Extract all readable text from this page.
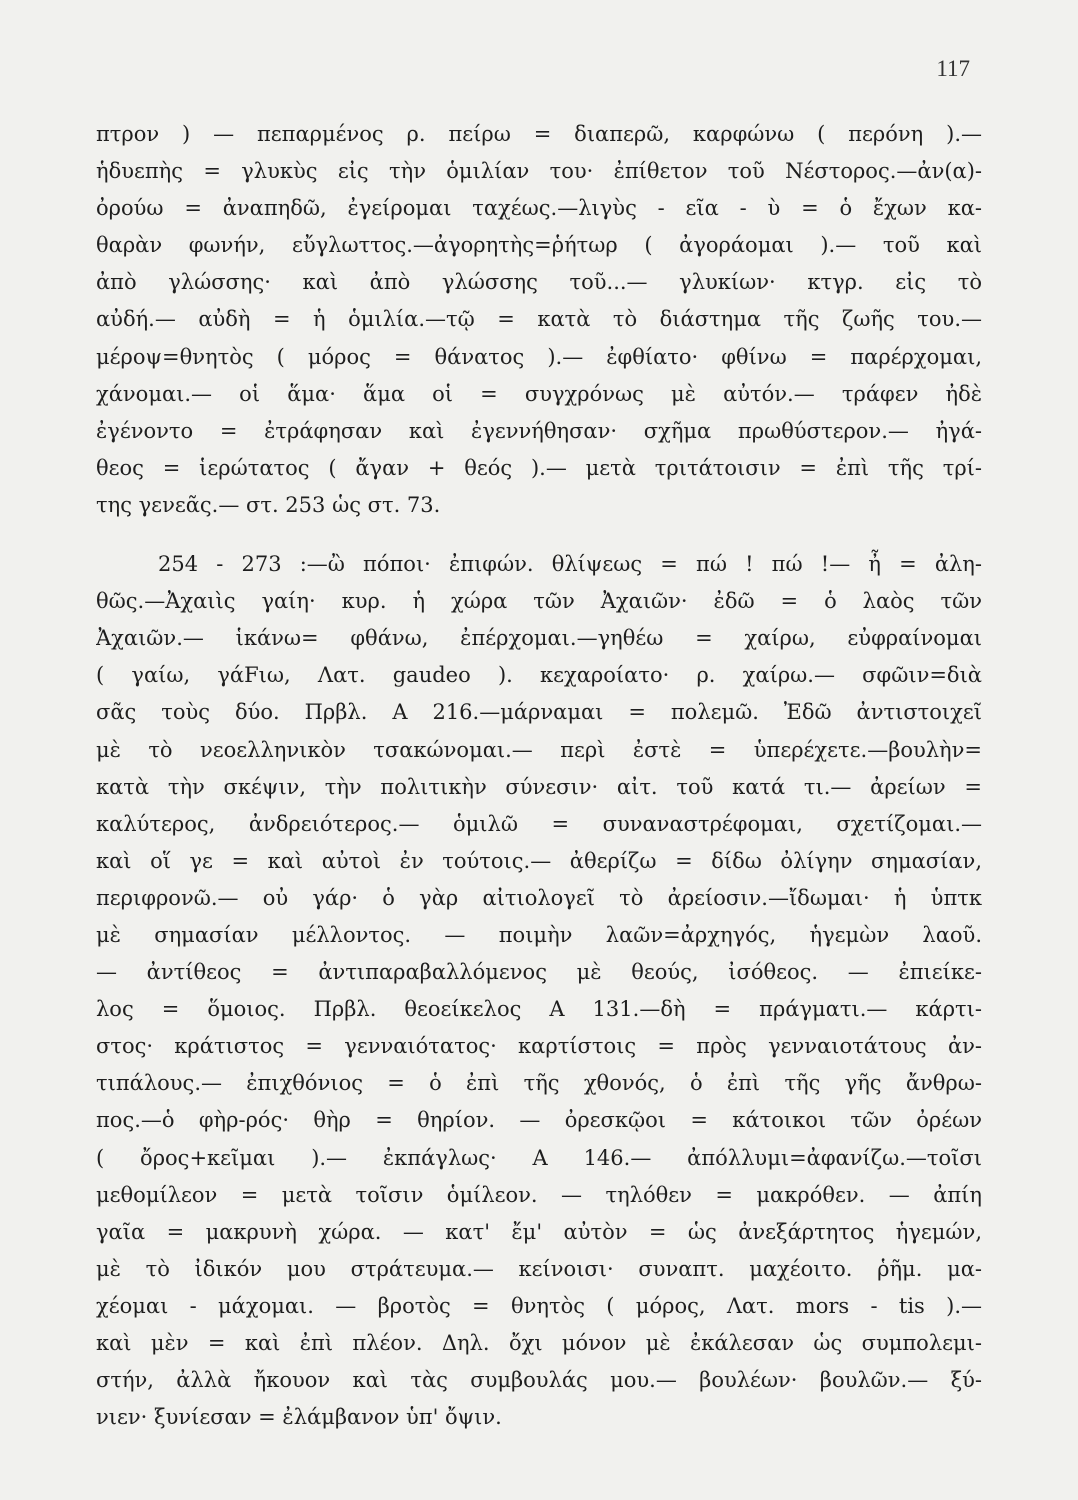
117
πτρον ) — πεπαρμένος ρ. πείρω = διαπερῶ, καρφώνω ( περόνη ).—
ἡδυεπὴς = γλυκὺς εἰς τὴν ὁμιλίαν του· ἐπίθετον τοῦ Νέστορος.—ἀν(α)-
ὀρούω = ἀναπηδῶ, ἐγείρομαι ταχέως.—λιγὺς - εῖα - ὺ = ὁ ἔχων κα-
θαρὰν φωνήν, εὔγλωττος.—ἀγορητὴς=ῥήτωρ ( ἀγοράομαι ).— τοῦ καὶ
ἀπὸ γλώσσης· καὶ ἀπὸ γλώσσης τοῦ...— γλυκίων· κτγρ. εἰς τὸ
αὐδή.— αὐδὴ = ἡ ὁμιλία.—τῷ = κατὰ τὸ διάστημα τῆς ζωῆς του.—
μέροψ=θνητὸς ( μόρος = θάνατος ).— ἐφθίατο· φθίνω = παρέρχομαι,
χάνομαι.— οἱ ἅμα· ἅμα οἱ = συγχρόνως μὲ αὐτόν.— τράφεν ἠδὲ
ἐγένοντο = ἐτράφησαν καὶ ἐγεννήθησαν· σχῆμα πρωθύστερον.— ἠγά-
θεος = ἱερώτατος ( ἄγαν + θεός ).— μετὰ τριτάτοισιν = ἐπὶ τῆς τρί-
της γενεᾶς.— στ. 253 ὡς στ. 73.
254 - 273 :—ὢ πόποι· ἐπιφών. θλίψεως = πώ ! πώ !— ἦ = ἀλη-
θῶς.—Ἀχαιὶς γαίη· κυρ. ἡ χώρα τῶν Ἀχαιῶν· ἐδῶ = ὁ λαὸς τῶν
Ἀχαιῶν.— ἱκάνω= φθάνω, ἐπέρχομαι.—γηθέω = χαίρω, εὐφραίνομαι
( γαίω, γάFιω, Λατ. gaudeo ). κεχαροίατο· ρ. χαίρω.— σφῶιν=διὰ
σᾶς τοὺς δύο. Πρβλ. Α 216.—μάρναμαι = πολεμῶ. Ἐδῶ ἀντιστοιχεῖ
μὲ τὸ νεοελληνικὸν τσακώνομαι.— περὶ ἐστὲ = ὑπερέχετε.—βουλὴν=
κατὰ τὴν σκέψιν, τὴν πολιτικὴν σύνεσιν· αἰτ. τοῦ κατά τι.— ἀρείων =
καλύτερος, ἀνδρειότερος.— ὁμιλῶ = συναναστρέφομαι, σχετίζομαι.—
καὶ οἵ γε = καὶ αὐτοὶ ἐν τούτοις.— ἀθερίζω = δίδω ὀλίγην σημασίαν,
περιφρονῶ.— οὐ γάρ· ὁ γὰρ αἰτιολογεῖ τὸ ἀρείοσιν.—ἴδωμαι· ἡ ὑπτκ
μὲ σημασίαν μέλλοντος. — ποιμὴν λαῶν=ἀρχηγός, ἡγεμὼν λαοῦ.
— ἀντίθεος = ἀντιπαραβαλλόμενος μὲ θεούς, ἰσόθεος. — ἐπιείκε-
λος = ὅμοιος. Πρβλ. θεοείκελος Α 131.—δὴ = πράγματι.— κάρτι-
στος· κράτιστος = γενναιότατος· καρτίστοις = πρὸς γενναιοτάτους ἀν-
τιπάλους.— ἐπιχθόνιος = ὁ ἐπὶ τῆς χθονός, ὁ ἐπὶ τῆς γῆς ἄνθρω-
πος.—ὁ φὴρ-ρός· θὴρ = θηρίον. — ὀρεσκῷοι = κάτοικοι τῶν ὀρέων
( ὄρος+κεῖμαι ).— ἐκπάγλως· Α 146.— ἀπόλλυμι=ἀφανίζω.—τοῖσι
μεθομίλεον = μετὰ τοῖσιν ὁμίλεον. — τηλόθεν = μακρόθεν. — ἀπίη
γαῖα = μακρυνὴ χώρα. — κατ' ἔμ' αὐτὸν = ὡς ἀνεξάρτητος ἡγεμών,
μὲ τὸ ἰδικόν μου στράτευμα.— κείνοισι· συναπτ. μαχέοιτο. ῥῆμ. μα-
χέομαι - μάχομαι. — βροτὸς = θνητὸς ( μόρος, Λατ. mors - tis ).—
καὶ μὲν = καὶ ἐπὶ πλέον. Δηλ. ὄχι μόνον μὲ ἐκάλεσαν ὡς συμπολεμι-
στήν, ἀλλὰ ἤκουον καὶ τὰς συμβουλάς μου.— βουλέων· βουλῶν.— ξύ-
νιεν· ξυνίεσαν = ἐλάμβανον ὑπ' ὄψιν.
